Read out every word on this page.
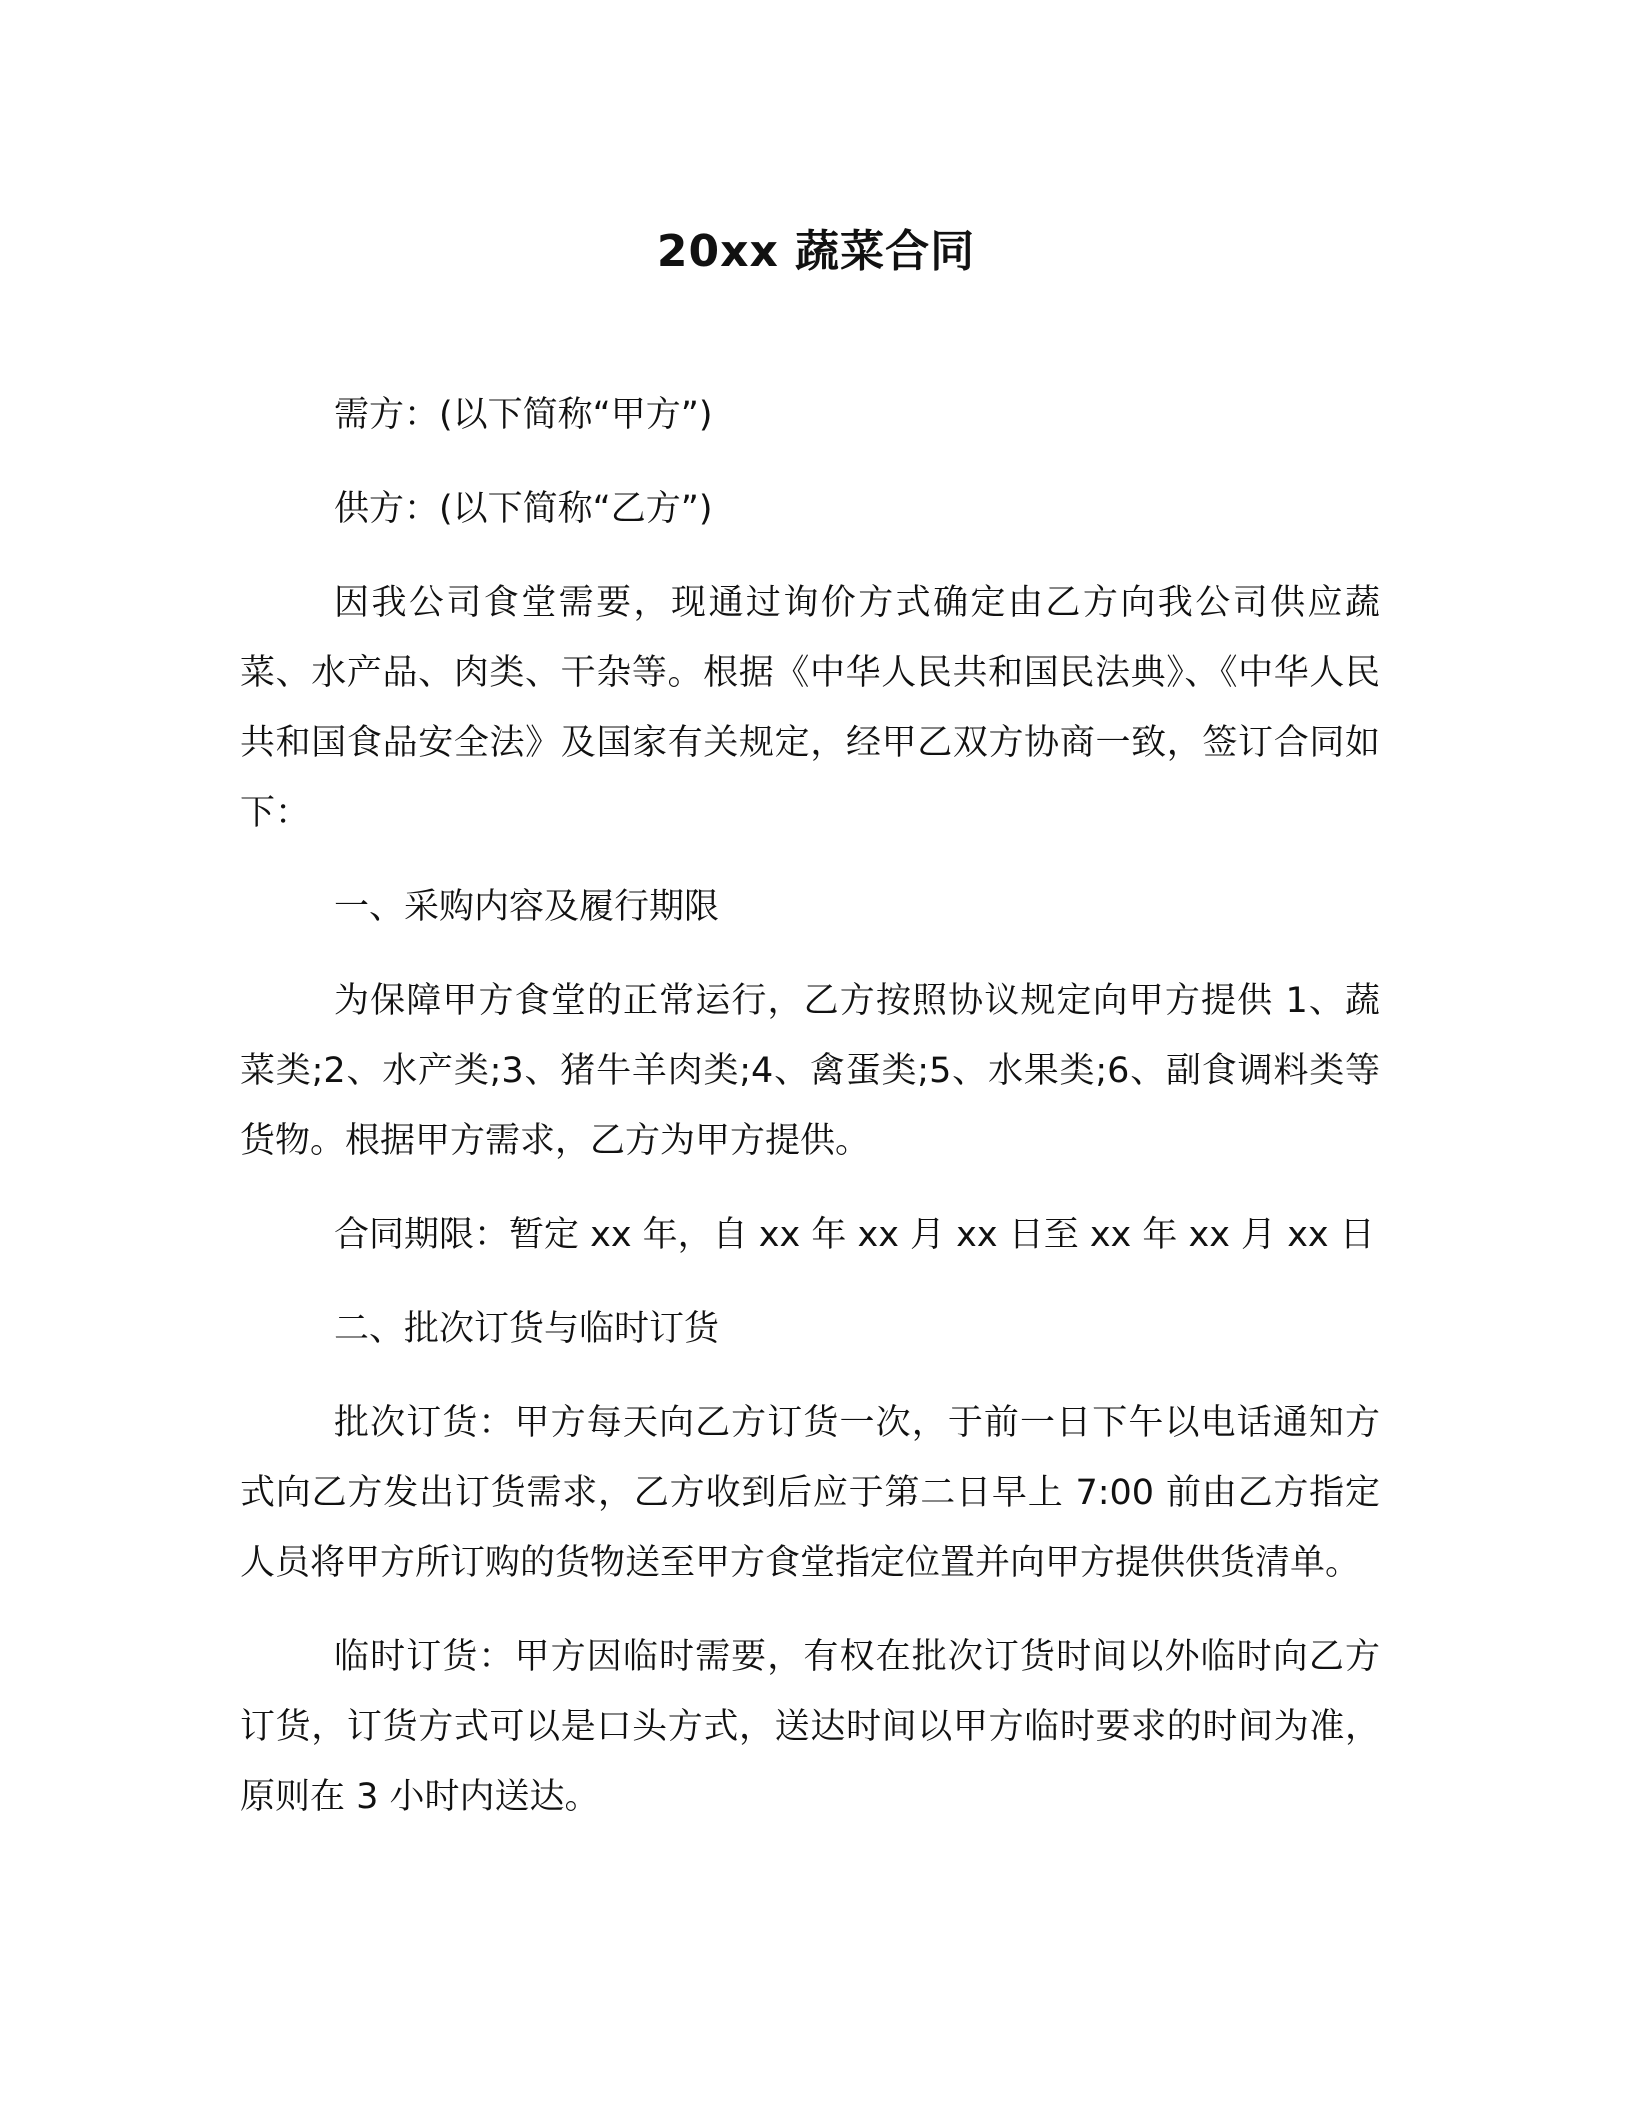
20xx 蔬菜合同

需方：(以下简称“甲方”)

供方：(以下简称“乙方”)

因我公司食堂需要，现通过询价方式确定由乙方向我公司供应蔬菜、水产品、肉类、干杂等。根据《中华人民共和国民法典》、《中华人民共和国食品安全法》及国家有关规定，经甲乙双方协商一致，签订合同如下：

一、采购内容及履行期限

为保障甲方食堂的正常运行，乙方按照协议规定向甲方提供 1、蔬菜类;2、水产类;3、猪牛羊肉类;4、禽蛋类;5、水果类;6、副食调料类等货物。根据甲方需求，乙方为甲方提供。

合同期限：暂定 xx 年，自 xx 年 xx 月 xx 日至 xx 年 xx 月 xx 日

二、批次订货与临时订货

批次订货：甲方每天向乙方订货一次，于前一日下午以电话通知方式向乙方发出订货需求，乙方收到后应于第二日早上 7:00 前由乙方指定人员将甲方所订购的货物送至甲方食堂指定位置并向甲方提供供货清单。

临时订货：甲方因临时需要，有权在批次订货时间以外临时向乙方订货，订货方式可以是口头方式，送达时间以甲方临时要求的时间为准，原则在 3 小时内送达。
